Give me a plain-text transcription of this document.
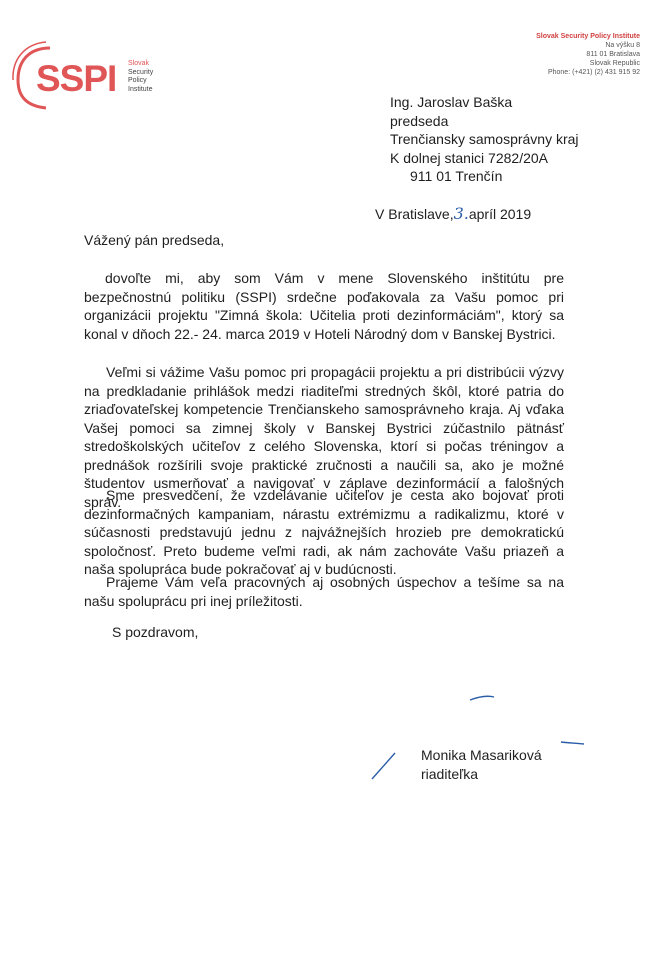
SSPI Slovak
Security
Policy
Institute
Slovak Security Policy Institute
Na výšku 8
811 01 Bratislava
Slovak Republic
Phone: (+421) (2) 431 915 92
Ing. Jaroslav Baška
predseda
Trenčiansky samosprávny kraj
K dolnej stanici 7282/20A
911 01 Trenčín
V Bratislave,3.apríl 2019
Vážený pán predseda,

dovoľte mi, aby som Vám v mene Slovenského inštitútu pre bezpečnostnú politiku (SSPI) srdečne poďakovala za Vašu pomoc pri organizácii projektu "Zimná škola: Učitelia proti dezinformáciám", ktorý sa konal v dňoch 22.- 24. marca 2019 v Hoteli Národný dom v Banskej Bystrici.

Veľmi si vážime Vašu pomoc pri propagácii projektu a pri distribúcii výzvy na predkladanie prihlášok medzi riaditeľmi stredných škôl, ktoré patria do zriaďovateľskej kompetencie Trenčianskeho samosprávneho kraja. Aj vďaka Vašej pomoci sa zimnej školy v Banskej Bystrici zúčastnilo pätnásť stredoškolských učiteľov z celého Slovenska, ktorí si počas tréningov a prednášok rozšírili svoje praktické zručnosti a naučili sa, ako je možné študentov usmerňovať a navigovať v záplave dezinformácií a falošných správ.

Sme presvedčení, že vzdelávanie učiteľov je cesta ako bojovať proti dezinformačných kampaniam, nárastu extrémizmu a radikalizmu, ktoré v súčasnosti predstavujú jednu z najvážnejších hrozieb pre demokratickú spoločnosť. Preto budeme veľmi radi, ak nám zachováte Vašu priazeň a naša spolupráca bude pokračovať aj v budúcnosti.

Prajeme Vám veľa pracovných aj osobných úspechov a tešíme sa na našu spoluprácu pri inej príležitosti.

S pozdravom,
Monika Masariková
riaditeľka
